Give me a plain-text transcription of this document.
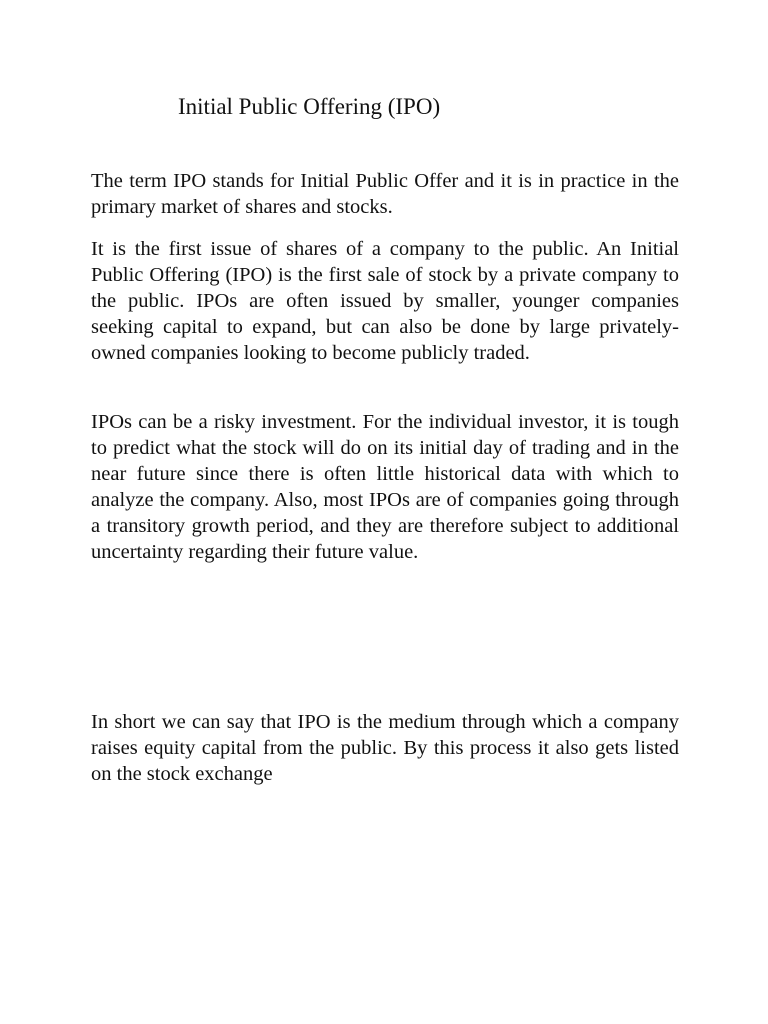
Initial Public Offering (IPO)

The term IPO stands for Initial Public Offer and it is in practice in the primary market of shares and stocks.

It is the first issue of shares of a company to the public. An Initial Public Offering (IPO) is the first sale of stock by a private company to the public. IPOs are often issued by smaller, younger companies seeking capital to expand, but can also be done by large privately-owned companies looking to become publicly traded.

IPOs can be a risky investment. For the individual investor, it is tough to predict what the stock will do on its initial day of trading and in the near future since there is often little historical data with which to analyze the company. Also, most IPOs are of companies going through a transitory growth period, and they are therefore subject to additional uncertainty regarding their future value.

In short we can say that IPO is the medium through which a company raises equity capital from the public. By this process it also gets listed on the stock exchange
